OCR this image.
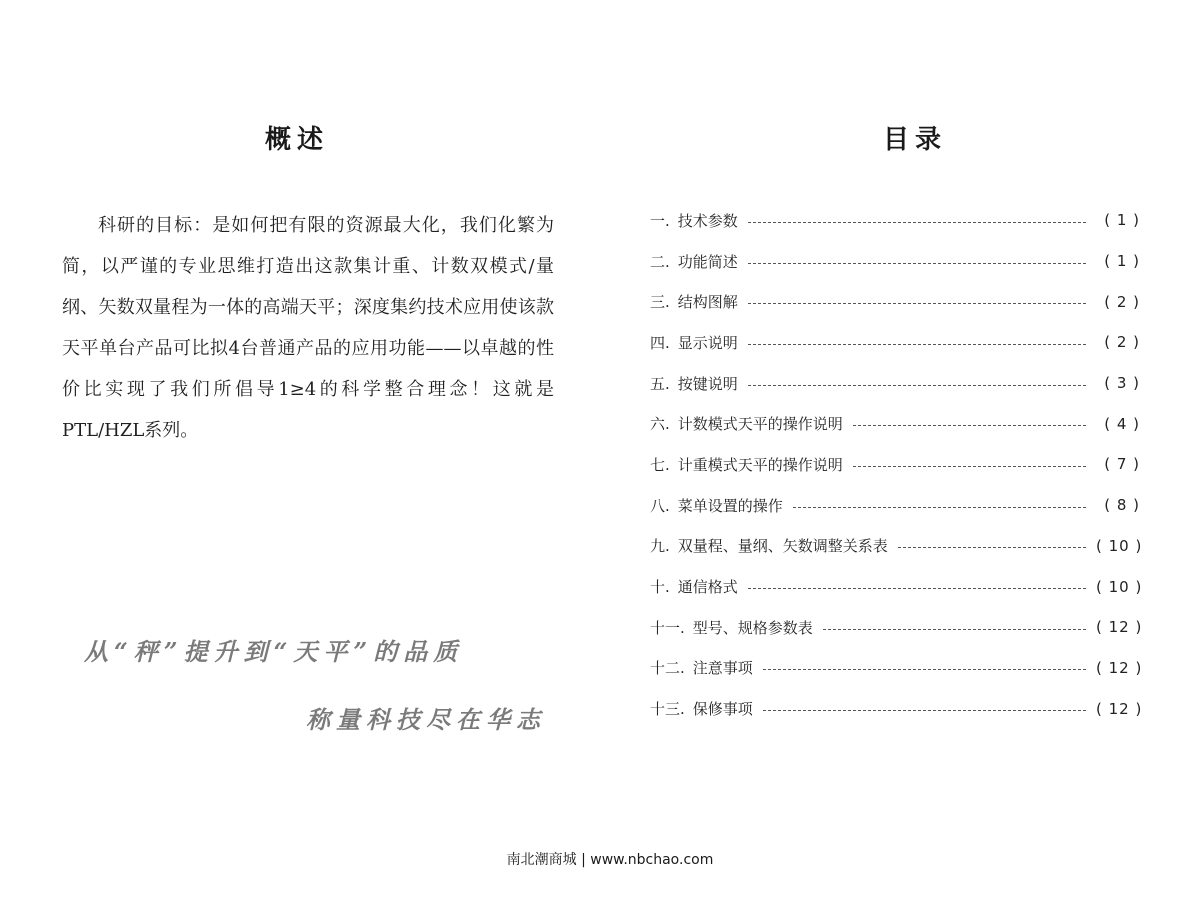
概述
科研的目标：是如何把有限的资源最大化，我们化繁为简，以严谨的专业思维打造出这款集计重、计数双模式/量纲、矢数双量程为一体的高端天平；深度集约技术应用使该款天平单台产品可比拟4台普通产品的应用功能——以卓越的性价比实现了我们所倡导1≥4的科学整合理念！这就是PTL/HZL系列。
从“秤”提升到“天平”的品质
称量科技尽在华志
目录
一. 技术参数	( 1 )
二. 功能简述	( 1 )
三. 结构图解	( 2 )
四. 显示说明	( 2 )
五. 按键说明	( 3 )
六. 计数模式天平的操作说明	( 4 )
七. 计重模式天平的操作说明	( 7 )
八. 菜单设置的操作	( 8 )
九. 双量程、量纲、矢数调整关系表	( 10 )
十. 通信格式	( 10 )
十一. 型号、规格参数表	( 12 )
十二. 注意事项	( 12 )
十三. 保修事项	( 12 )
南北潮商城 | www.nbchao.com
